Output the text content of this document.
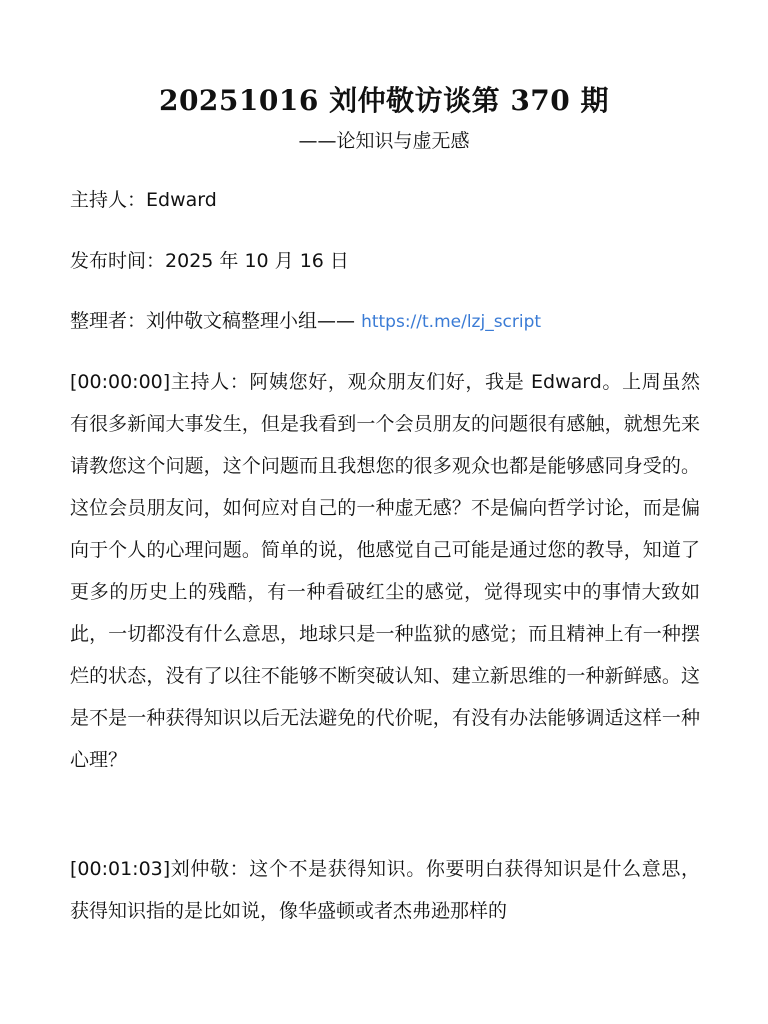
20251016 刘仲敬访谈第 370 期
——论知识与虚无感
主持人：Edward
发布时间：2025 年 10 月 16 日
整理者：刘仲敬文稿整理小组—— https://t.me/lzj_script
[00:00:00]主持人：阿姨您好，观众朋友们好，我是 Edward。上周虽然有很多新闻大事发生，但是我看到一个会员朋友的问题很有感触，就想先来请教您这个问题，这个问题而且我想您的很多观众也都是能够感同身受的。这位会员朋友问，如何应对自己的一种虚无感？不是偏向哲学讨论，而是偏向于个人的心理问题。简单的说，他感觉自己可能是通过您的教导，知道了更多的历史上的残酷，有一种看破红尘的感觉，觉得现实中的事情大致如此，一切都没有什么意思，地球只是一种监狱的感觉；而且精神上有一种摆烂的状态，没有了以往不能够不断突破认知、建立新思维的一种新鲜感。这是不是一种获得知识以后无法避免的代价呢，有没有办法能够调适这样一种心理？
[00:01:03]刘仲敬：这个不是获得知识。你要明白获得知识是什么意思，获得知识指的是比如说，像华盛顿或者杰弗逊那样的
